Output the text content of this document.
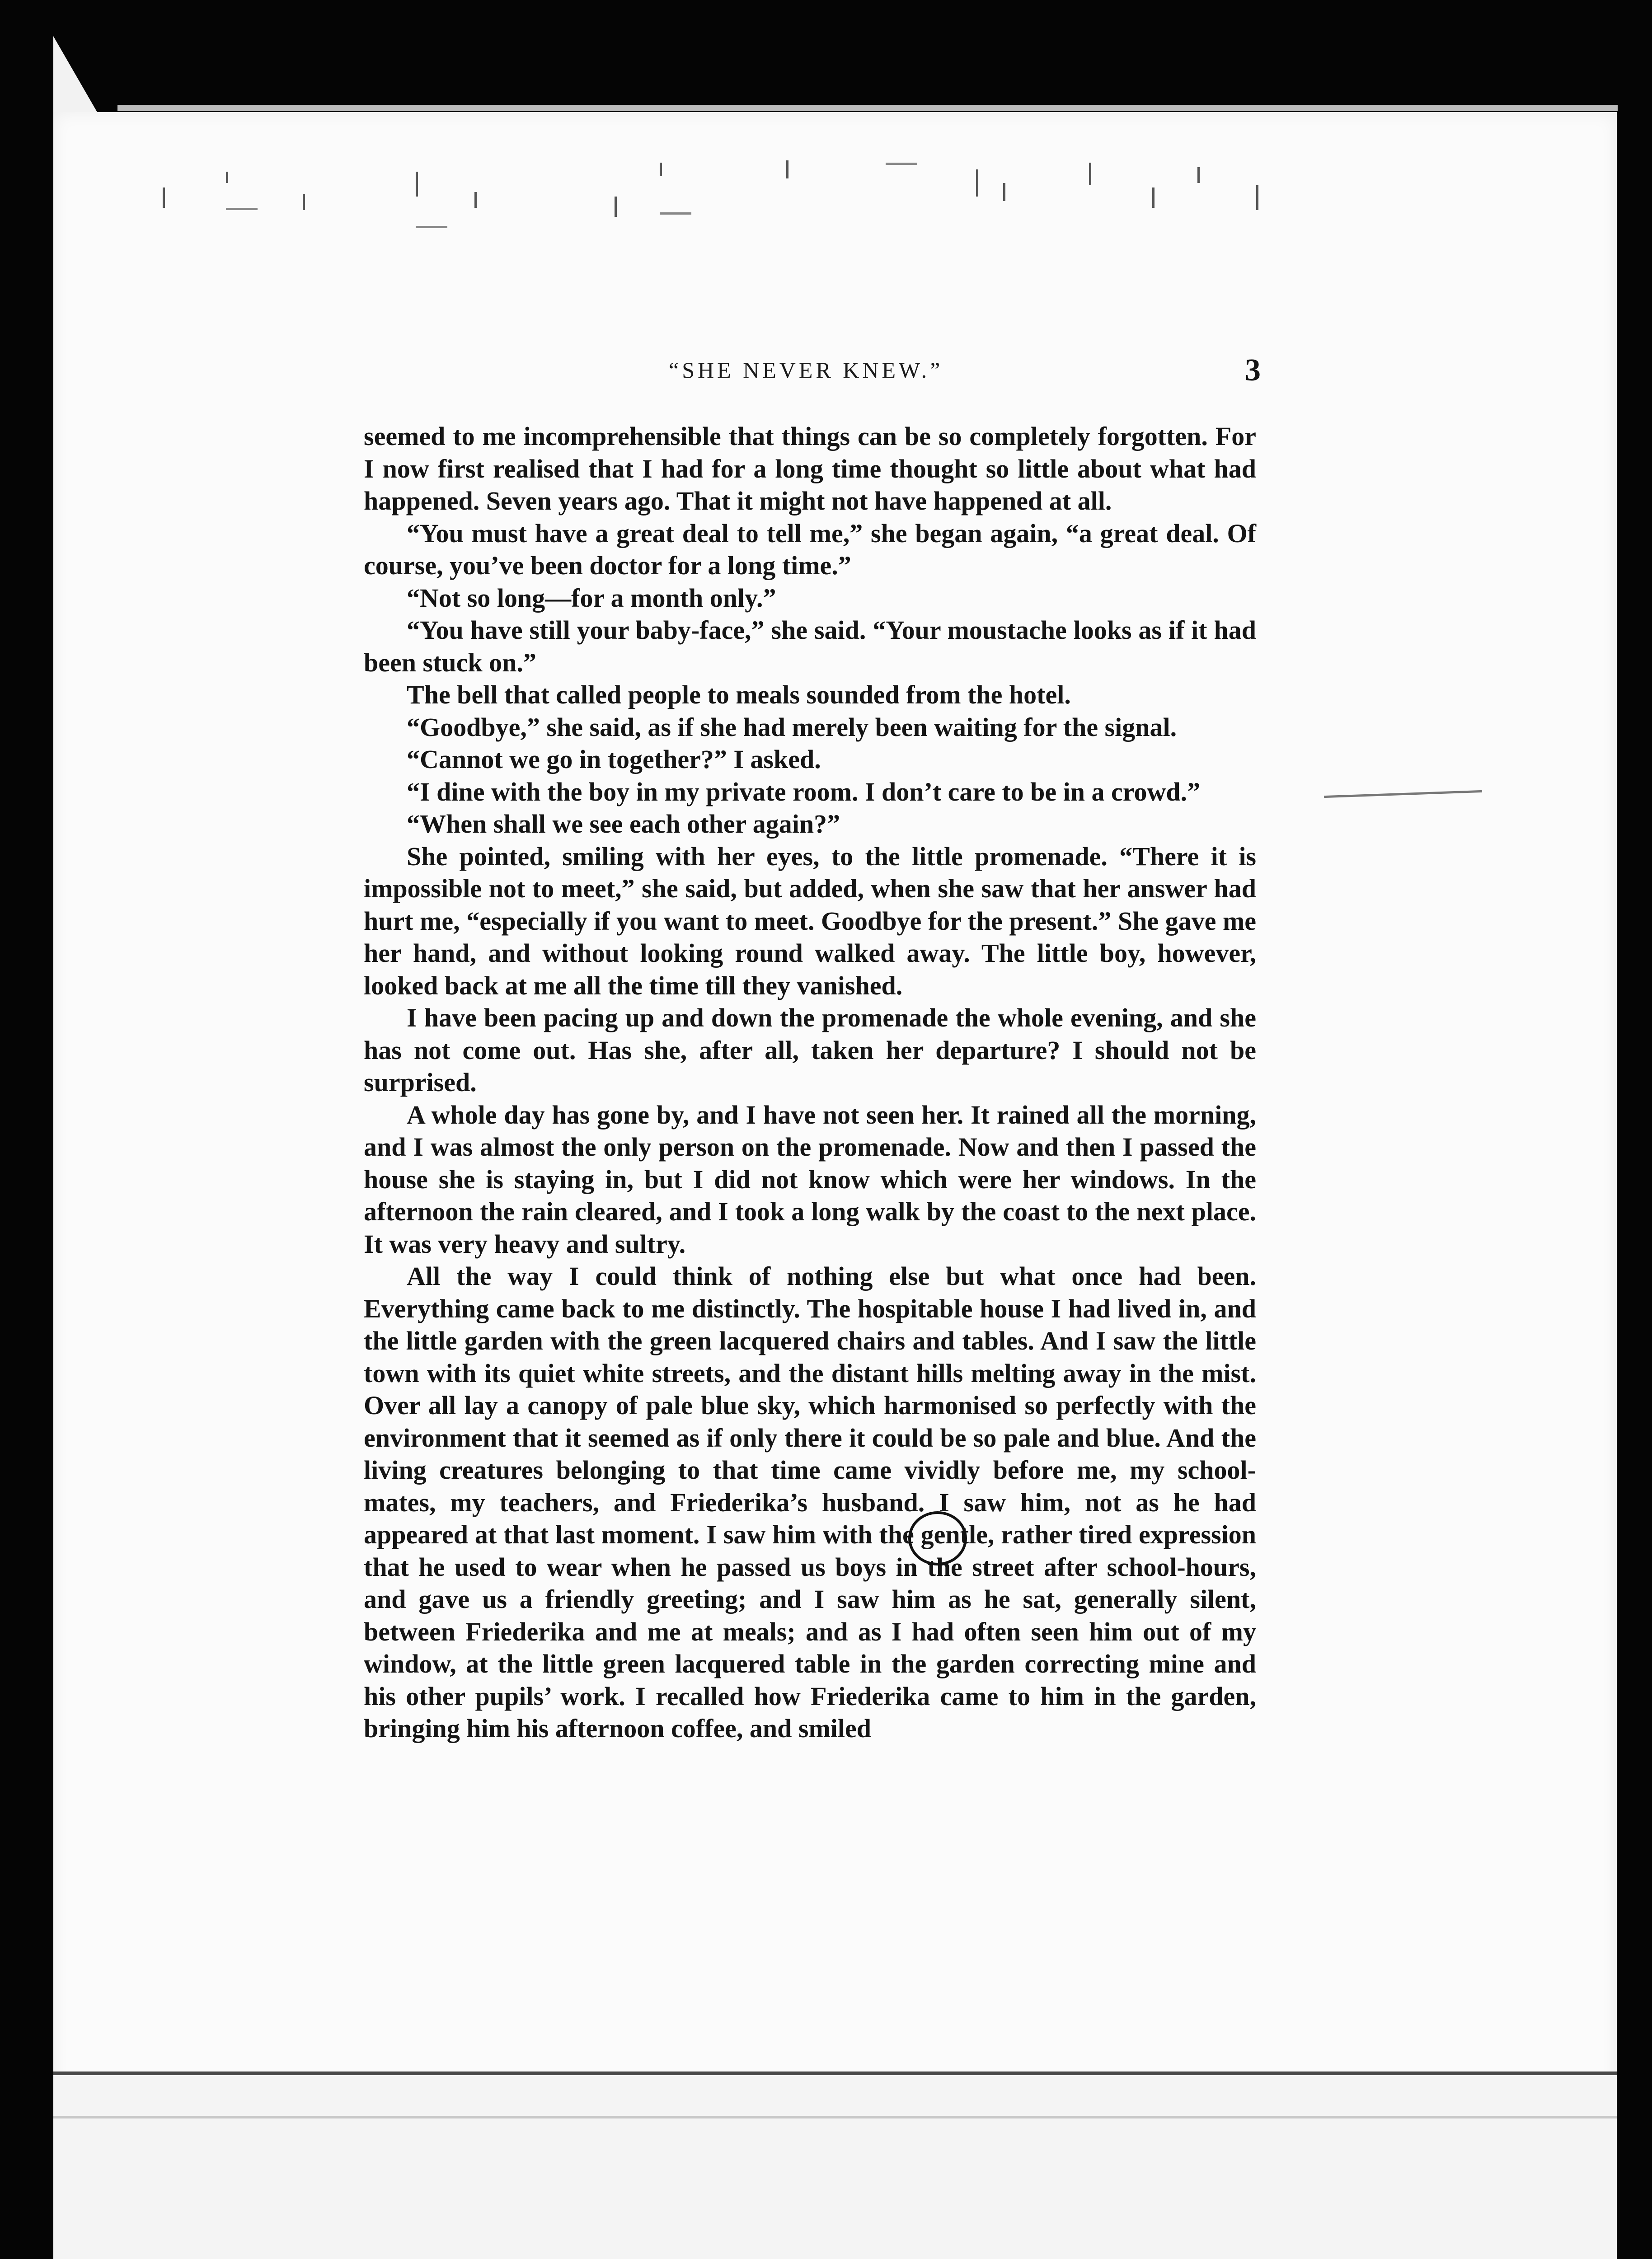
“SHE NEVER KNEW.”	3

seemed to me incomprehensible that things can be so completely forgotten. For I now first realised that I had for a long time thought so little about what had happened. Seven years ago. That it might not have happened at all.

“You must have a great deal to tell me,” she began again, “a great deal. Of course, you’ve been doctor for a long time.”

“Not so long—for a month only.”

“You have still your baby-face,” she said. “Your moustache looks as if it had been stuck on.”

The bell that called people to meals sounded from the hotel.

“Goodbye,” she said, as if she had merely been waiting for the signal.

“Cannot we go in together?” I asked.

“I dine with the boy in my private room. I don’t care to be in a crowd.”

“When shall we see each other again?”

She pointed, smiling with her eyes, to the little promenade. “There it is impossible not to meet,” she said, but added, when she saw that her answer had hurt me, “especially if you want to meet. Goodbye for the present.” She gave me her hand, and without looking round walked away. The little boy, however, looked back at me all the time till they vanished.

I have been pacing up and down the promenade the whole evening, and she has not come out. Has she, after all, taken her departure? I should not be surprised.

A whole day has gone by, and I have not seen her. It rained all the morning, and I was almost the only person on the promenade. Now and then I passed the house she is staying in, but I did not know which were her windows. In the afternoon the rain cleared, and I took a long walk by the coast to the next place. It was very heavy and sultry.

All the way I could think of nothing else but what once had been. Everything came back to me distinctly. The hospitable house I had lived in, and the little garden with the green lacquered chairs and tables. And I saw the little town with its quiet white streets, and the distant hills melting away in the mist. Over all lay a canopy of pale blue sky, which harmonised so perfectly with the environment that it seemed as if only there it could be so pale and blue. And the living creatures belonging to that time came vividly before me, my school-mates, my teachers, and Friederika’s husband. I saw him, not as he had appeared at that last moment. I saw him with the gentle, rather tired expression that he used to wear when he passed us boys in the street after school-hours, and gave us a friendly greeting; and I saw him as he sat, generally silent, between Friederika and me at meals; and as I had often seen him out of my window, at the little green lacquered table in the garden correcting mine and his other pupils’ work. I recalled how Friederika came to him in the garden, bringing him his afternoon coffee, and smiled
